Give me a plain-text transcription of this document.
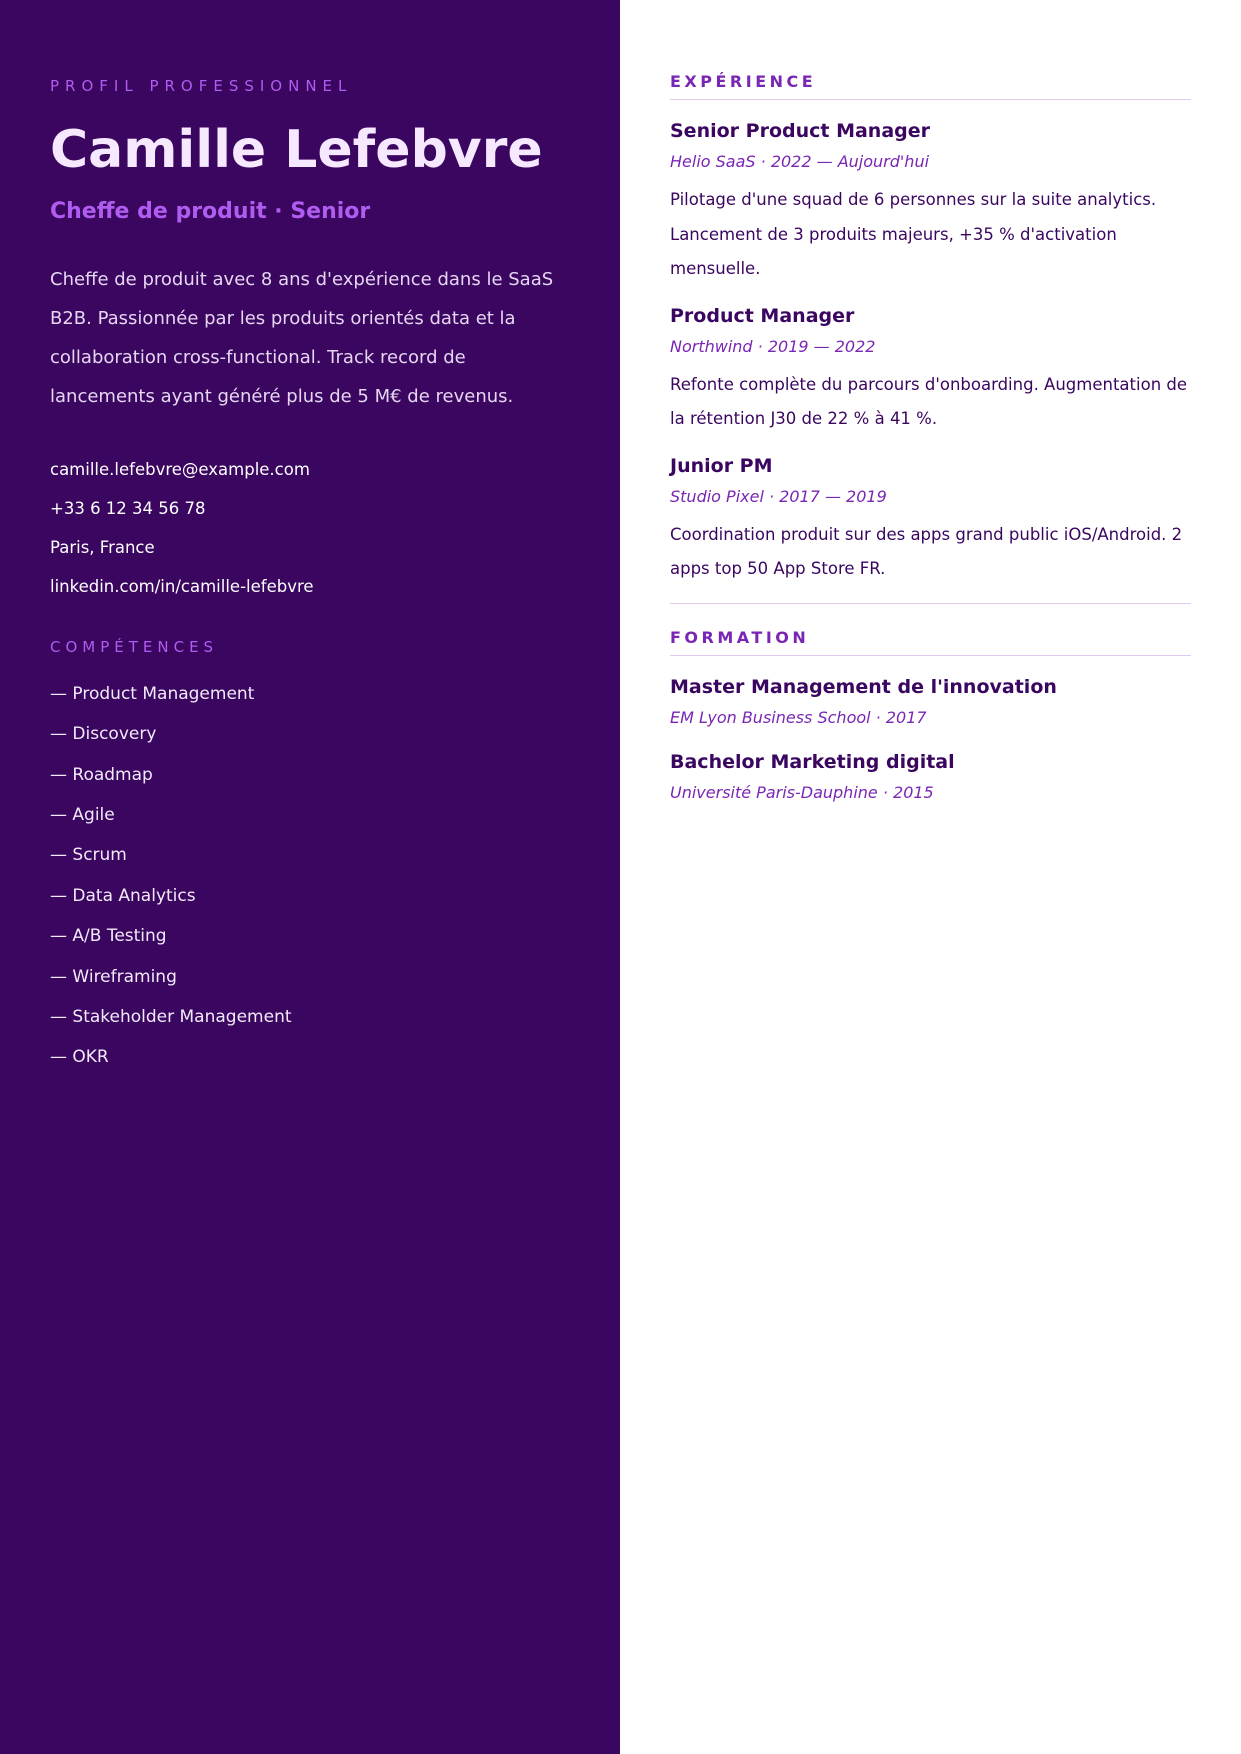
PROFIL PROFESSIONNEL
Camille Lefebvre
Cheffe de produit · Senior

Cheffe de produit avec 8 ans d'expérience dans le SaaS B2B. Passionnée par les produits orientés data et la collaboration cross-functional. Track record de lancements ayant généré plus de 5 M€ de revenus.

camille.lefebvre@example.com
+33 6 12 34 56 78
Paris, France
linkedin.com/in/camille-lefebvre
COMPÉTENCES
— Product Management
— Discovery
— Roadmap
— Agile
— Scrum
— Data Analytics
— A/B Testing
— Wireframing
— Stakeholder Management
— OKR
EXPÉRIENCE
Senior Product Manager
Helio SaaS · 2022 — Aujourd'hui

Pilotage d'une squad de 6 personnes sur la suite analytics. Lancement de 3 produits majeurs, +35 % d'activation mensuelle.

Product Manager
Northwind · 2019 — 2022

Refonte complète du parcours d'onboarding. Augmentation de la rétention J30 de 22 % à 41 %.

Junior PM
Studio Pixel · 2017 — 2019

Coordination produit sur des apps grand public iOS/Android. 2 apps top 50 App Store FR.

FORMATION
Master Management de l'innovation
EM Lyon Business School · 2017
Bachelor Marketing digital
Université Paris-Dauphine · 2015
